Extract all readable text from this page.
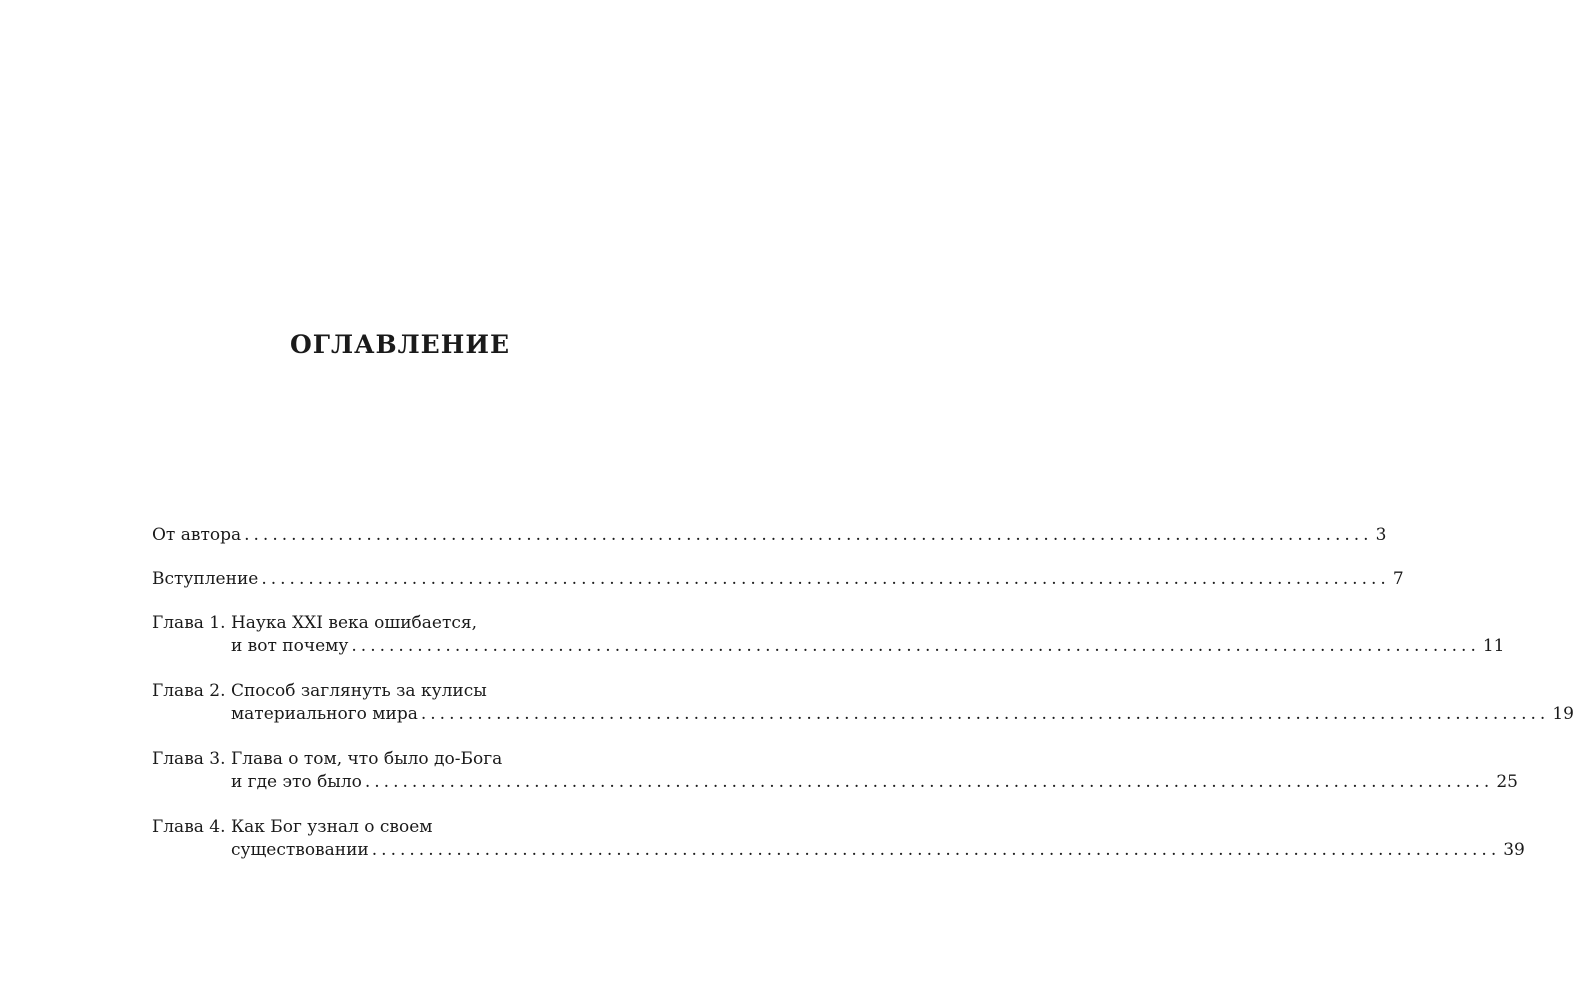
ОГЛАВЛЕНИЕ
От автора ........................................................................................................................ 3
Вступление ........................................................................................................................ 7
Глава 1. Наука XXI века ошибается,
и вот почему ........................................................................................................................ 11
Глава 2. Способ заглянуть за кулисы
материального мира ........................................................................................................................ 19
Глава 3. Глава о том, что было до-Бога
и где это было ........................................................................................................................ 25
Глава 4. Как Бог узнал о своем
существовании ........................................................................................................................ 39
